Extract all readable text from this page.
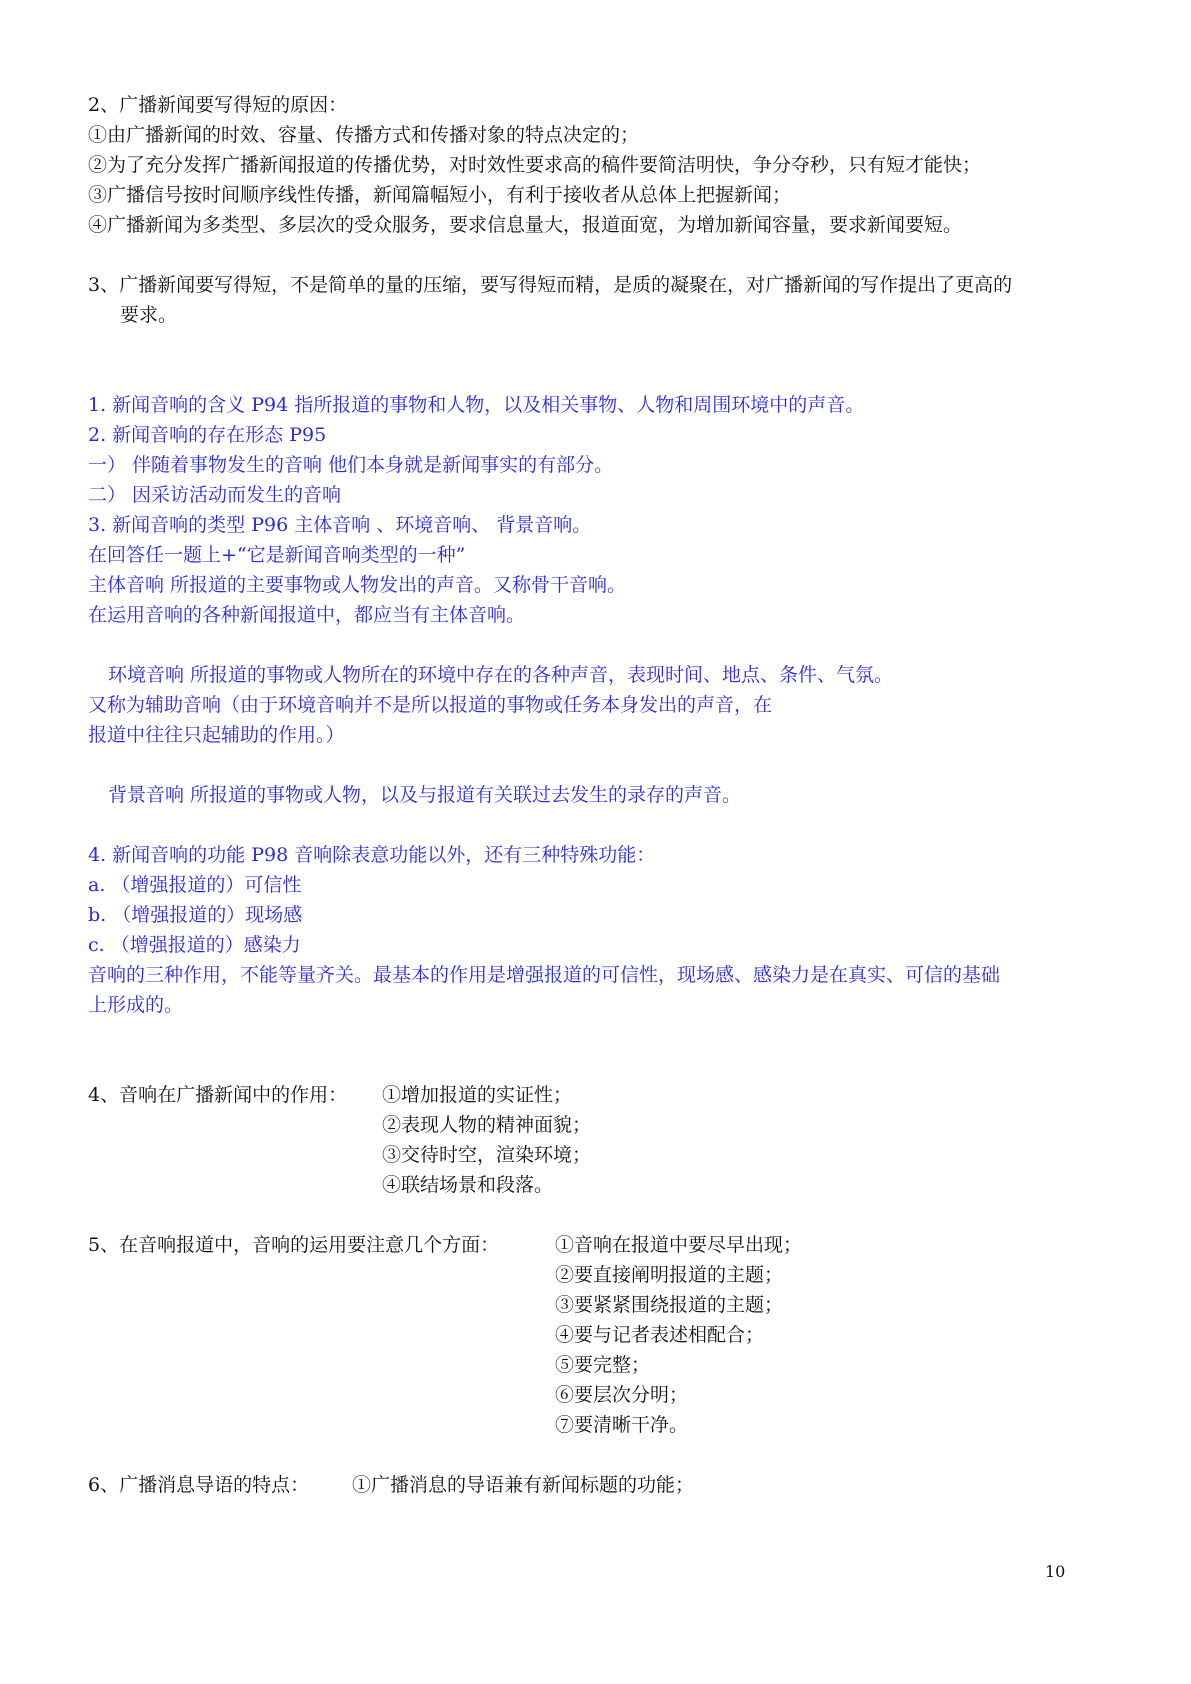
2、广播新闻要写得短的原因：
①由广播新闻的时效、容量、传播方式和传播对象的特点决定的；
②为了充分发挥广播新闻报道的传播优势，对时效性要求高的稿件要简洁明快，争分夺秒，只有短才能快；
③广播信号按时间顺序线性传播，新闻篇幅短小，有利于接收者从总体上把握新闻；
④广播新闻为多类型、多层次的受众服务，要求信息量大，报道面宽，为增加新闻容量，要求新闻要短。
3、广播新闻要写得短，不是简单的量的压缩，要写得短而精，是质的凝聚在，对广播新闻的写作提出了更高的
要求。
1. 新闻音响的含义 P94 指所报道的事物和人物，以及相关事物、人物和周围环境中的声音。
2. 新闻音响的存在形态 P95
一） 伴随着事物发生的音响 他们本身就是新闻事实的有部分。
二） 因采访活动而发生的音响
3. 新闻音响的类型 P96 主体音响 、环境音响、 背景音响。
在回答任一题上+“它是新闻音响类型的一种”
主体音响 所报道的主要事物或人物发出的声音。又称骨干音响。
在运用音响的各种新闻报道中，都应当有主体音响。
环境音响 所报道的事物或人物所在的环境中存在的各种声音，表现时间、地点、条件、气氛。
又称为辅助音响（由于环境音响并不是所以报道的事物或任务本身发出的声音，在
报道中往往只起辅助的作用。）
背景音响 所报道的事物或人物，以及与报道有关联过去发生的录存的声音。
4. 新闻音响的功能 P98 音响除表意功能以外，还有三种特殊功能：
a. （增强报道的）可信性
b. （增强报道的）现场感
c. （增强报道的）感染力
音响的三种作用，不能等量齐关。最基本的作用是增强报道的可信性，现场感、感染力是在真实、可信的基础
上形成的。
4、音响在广播新闻中的作用： ①增加报道的实证性；
②表现人物的精神面貌；
③交待时空，渲染环境；
④联结场景和段落。
5、在音响报道中，音响的运用要注意几个方面：	①音响在报道中要尽早出现；
②要直接阐明报道的主题；
③要紧紧围绕报道的主题；
④要与记者表述相配合；
⑤要完整；
⑥要层次分明；
⑦要清晰干净。
6、广播消息导语的特点： ①广播消息的导语兼有新闻标题的功能；
10
